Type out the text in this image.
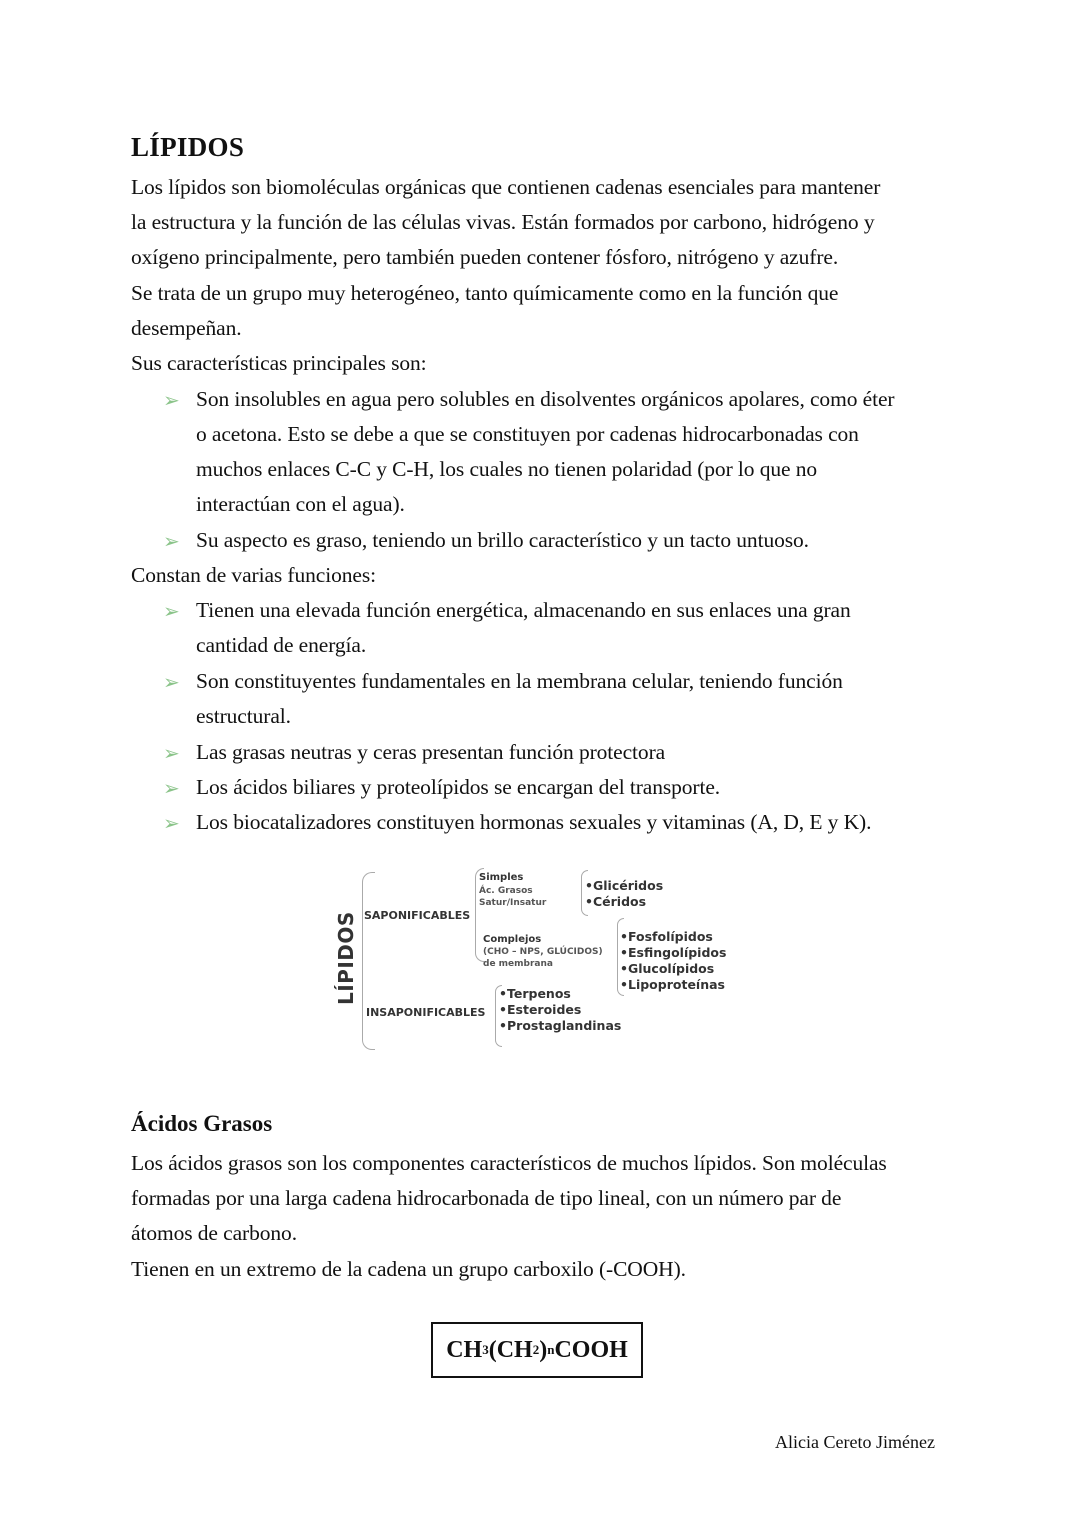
LÍPIDOS
Los lípidos son biomoléculas orgánicas que contienen cadenas esenciales para mantener
la estructura y la función de las células vivas. Están formados por carbono, hidrógeno y
oxígeno principalmente, pero también pueden contener fósforo, nitrógeno y azufre.
Se trata de un grupo muy heterogéneo, tanto químicamente como en la función que
desempeñan.
Sus características principales son:
➢ Son insolubles en agua pero solubles en disolventes orgánicos apolares, como éter
o acetona. Esto se debe a que se constituyen por cadenas hidrocarbonadas con
muchos enlaces C-C y C-H, los cuales no tienen polaridad (por lo que no
interactúan con el agua).
➢ Su aspecto es graso, teniendo un brillo característico y un tacto untuoso.
Constan de varias funciones:
➢ Tienen una elevada función energética, almacenando en sus enlaces una gran
cantidad de energía.
➢ Son constituyentes fundamentales en la membrana celular, teniendo función
estructural.
➢ Las grasas neutras y ceras presentan función protectora
➢ Los ácidos biliares y proteolípidos se encargan del transporte.
➢ Los biocatalizadores constituyen hormonas sexuales y vitaminas (A, D, E y K).
LÍPIDOS SAPONIFICABLES
Simples
Ác. Grasos
Satur/Insatur
•Glicéridos
•Céridos
Complejos
(CHO – NPS, GLÚCIDOS)
de membrana
•Fosfolípidos
•Esfingolípidos
•Glucolípidos
•Lipoproteínas
INSAPONIFICABLES
•Terpenos
•Esteroides
•Prostaglandinas
Ácidos Grasos
Los ácidos grasos son los componentes característicos de muchos lípidos. Son moléculas
formadas por una larga cadena hidrocarbonada de tipo lineal, con un número par de
átomos de carbono.
Tienen en un extremo de la cadena un grupo carboxilo (-COOH).
CH 3 (CH 2 ) n COOH
Alicia Cereto Jiménez
